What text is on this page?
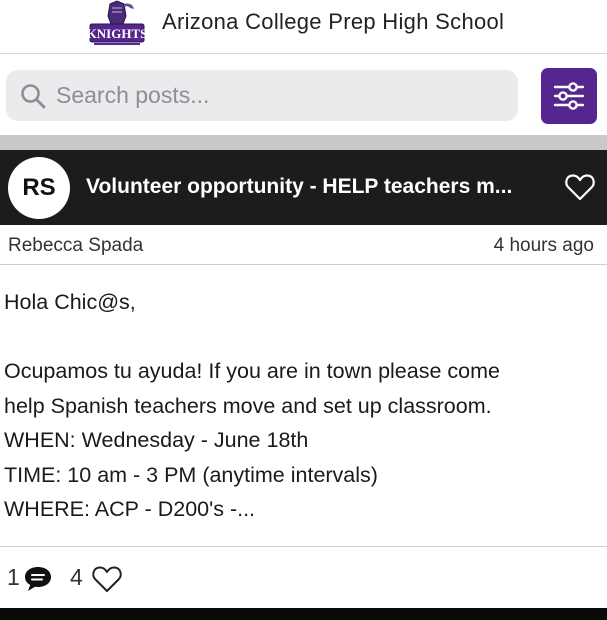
KNIGHTS Arizona College Prep High School
Search posts...
RS	Volunteer opportunity - HELP teachers m...
Rebecca Spada	4 hours ago
Hola Chic@s,
Ocupamos tu ayuda! If you are in town please come
help Spanish teachers move and set up classroom.
WHEN: Wednesday - June 18th
TIME: 10 am - 3 PM (anytime intervals)
WHERE: ACP - D200's -...
1 4
